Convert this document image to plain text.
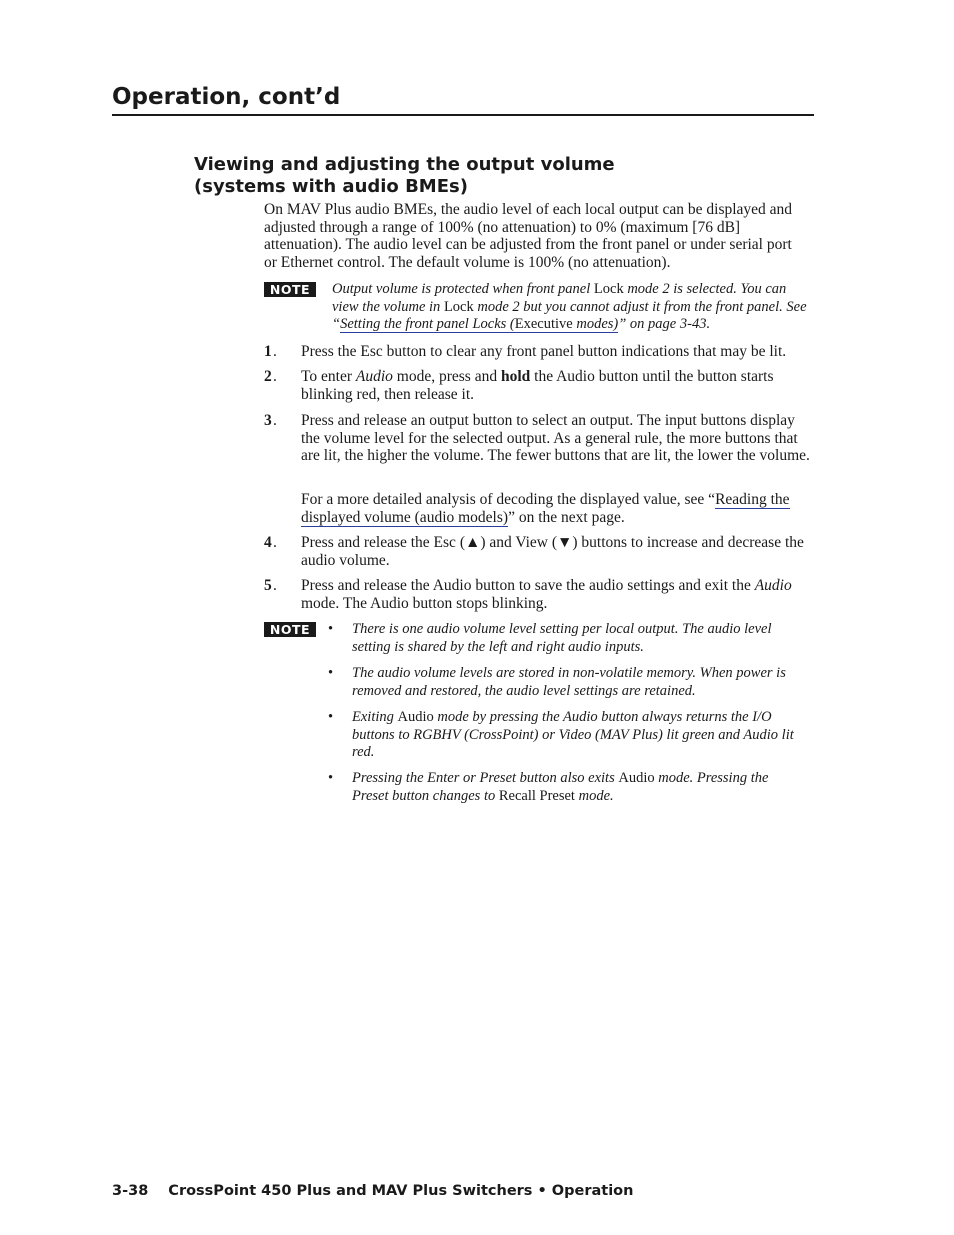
Operation, cont’d
Viewing and adjusting the output volume
(systems with audio BMEs)
On MAV Plus audio BMEs, the audio level of each local output can be displayed and adjusted through a range of 100% (no attenuation) to 0% (maximum [76 dB] attenuation). The audio level can be adjusted from the front panel or under serial port or Ethernet control. The default volume is 100% (no attenuation).
NOTE	Output volume is protected when front panel Lock mode 2 is selected. You can view the volume in Lock mode 2 but you cannot adjust it from the front panel. See “Setting the front panel Locks (Executive modes)” on page 3-43.
1 . Press the Esc button to clear any front panel button indications that may be lit.
2 . To enter Audio mode, press and hold the Audio button until the button starts blinking red, then release it.
3 . Press and release an output button to select an output. The input buttons display the volume level for the selected output. As a general rule, the more buttons that are lit, the higher the volume. The fewer buttons that are lit, the lower the volume.
For a more detailed analysis of decoding the displayed value, see “Reading the displayed volume (audio models)” on the next page.
4 . Press and release the Esc (▲) and View (▼) buttons to increase and decrease the audio volume.
5 . Press and release the Audio button to save the audio settings and exit the Audio mode. The Audio button stops blinking.
NOTE	• There is one audio volume level setting per local output. The audio level setting is shared by the left and right audio inputs.
• The audio volume levels are stored in non-volatile memory. When power is removed and restored, the audio level settings are retained.
• Exiting Audio mode by pressing the Audio button always returns the I/O buttons to RGBHV (CrossPoint) or Video (MAV Plus) lit green and Audio lit red.
• Pressing the Enter or Preset button also exits Audio mode. Pressing the Preset button changes to Recall Preset mode.
3-38 CrossPoint 450 Plus and MAV Plus Switchers • Operation
